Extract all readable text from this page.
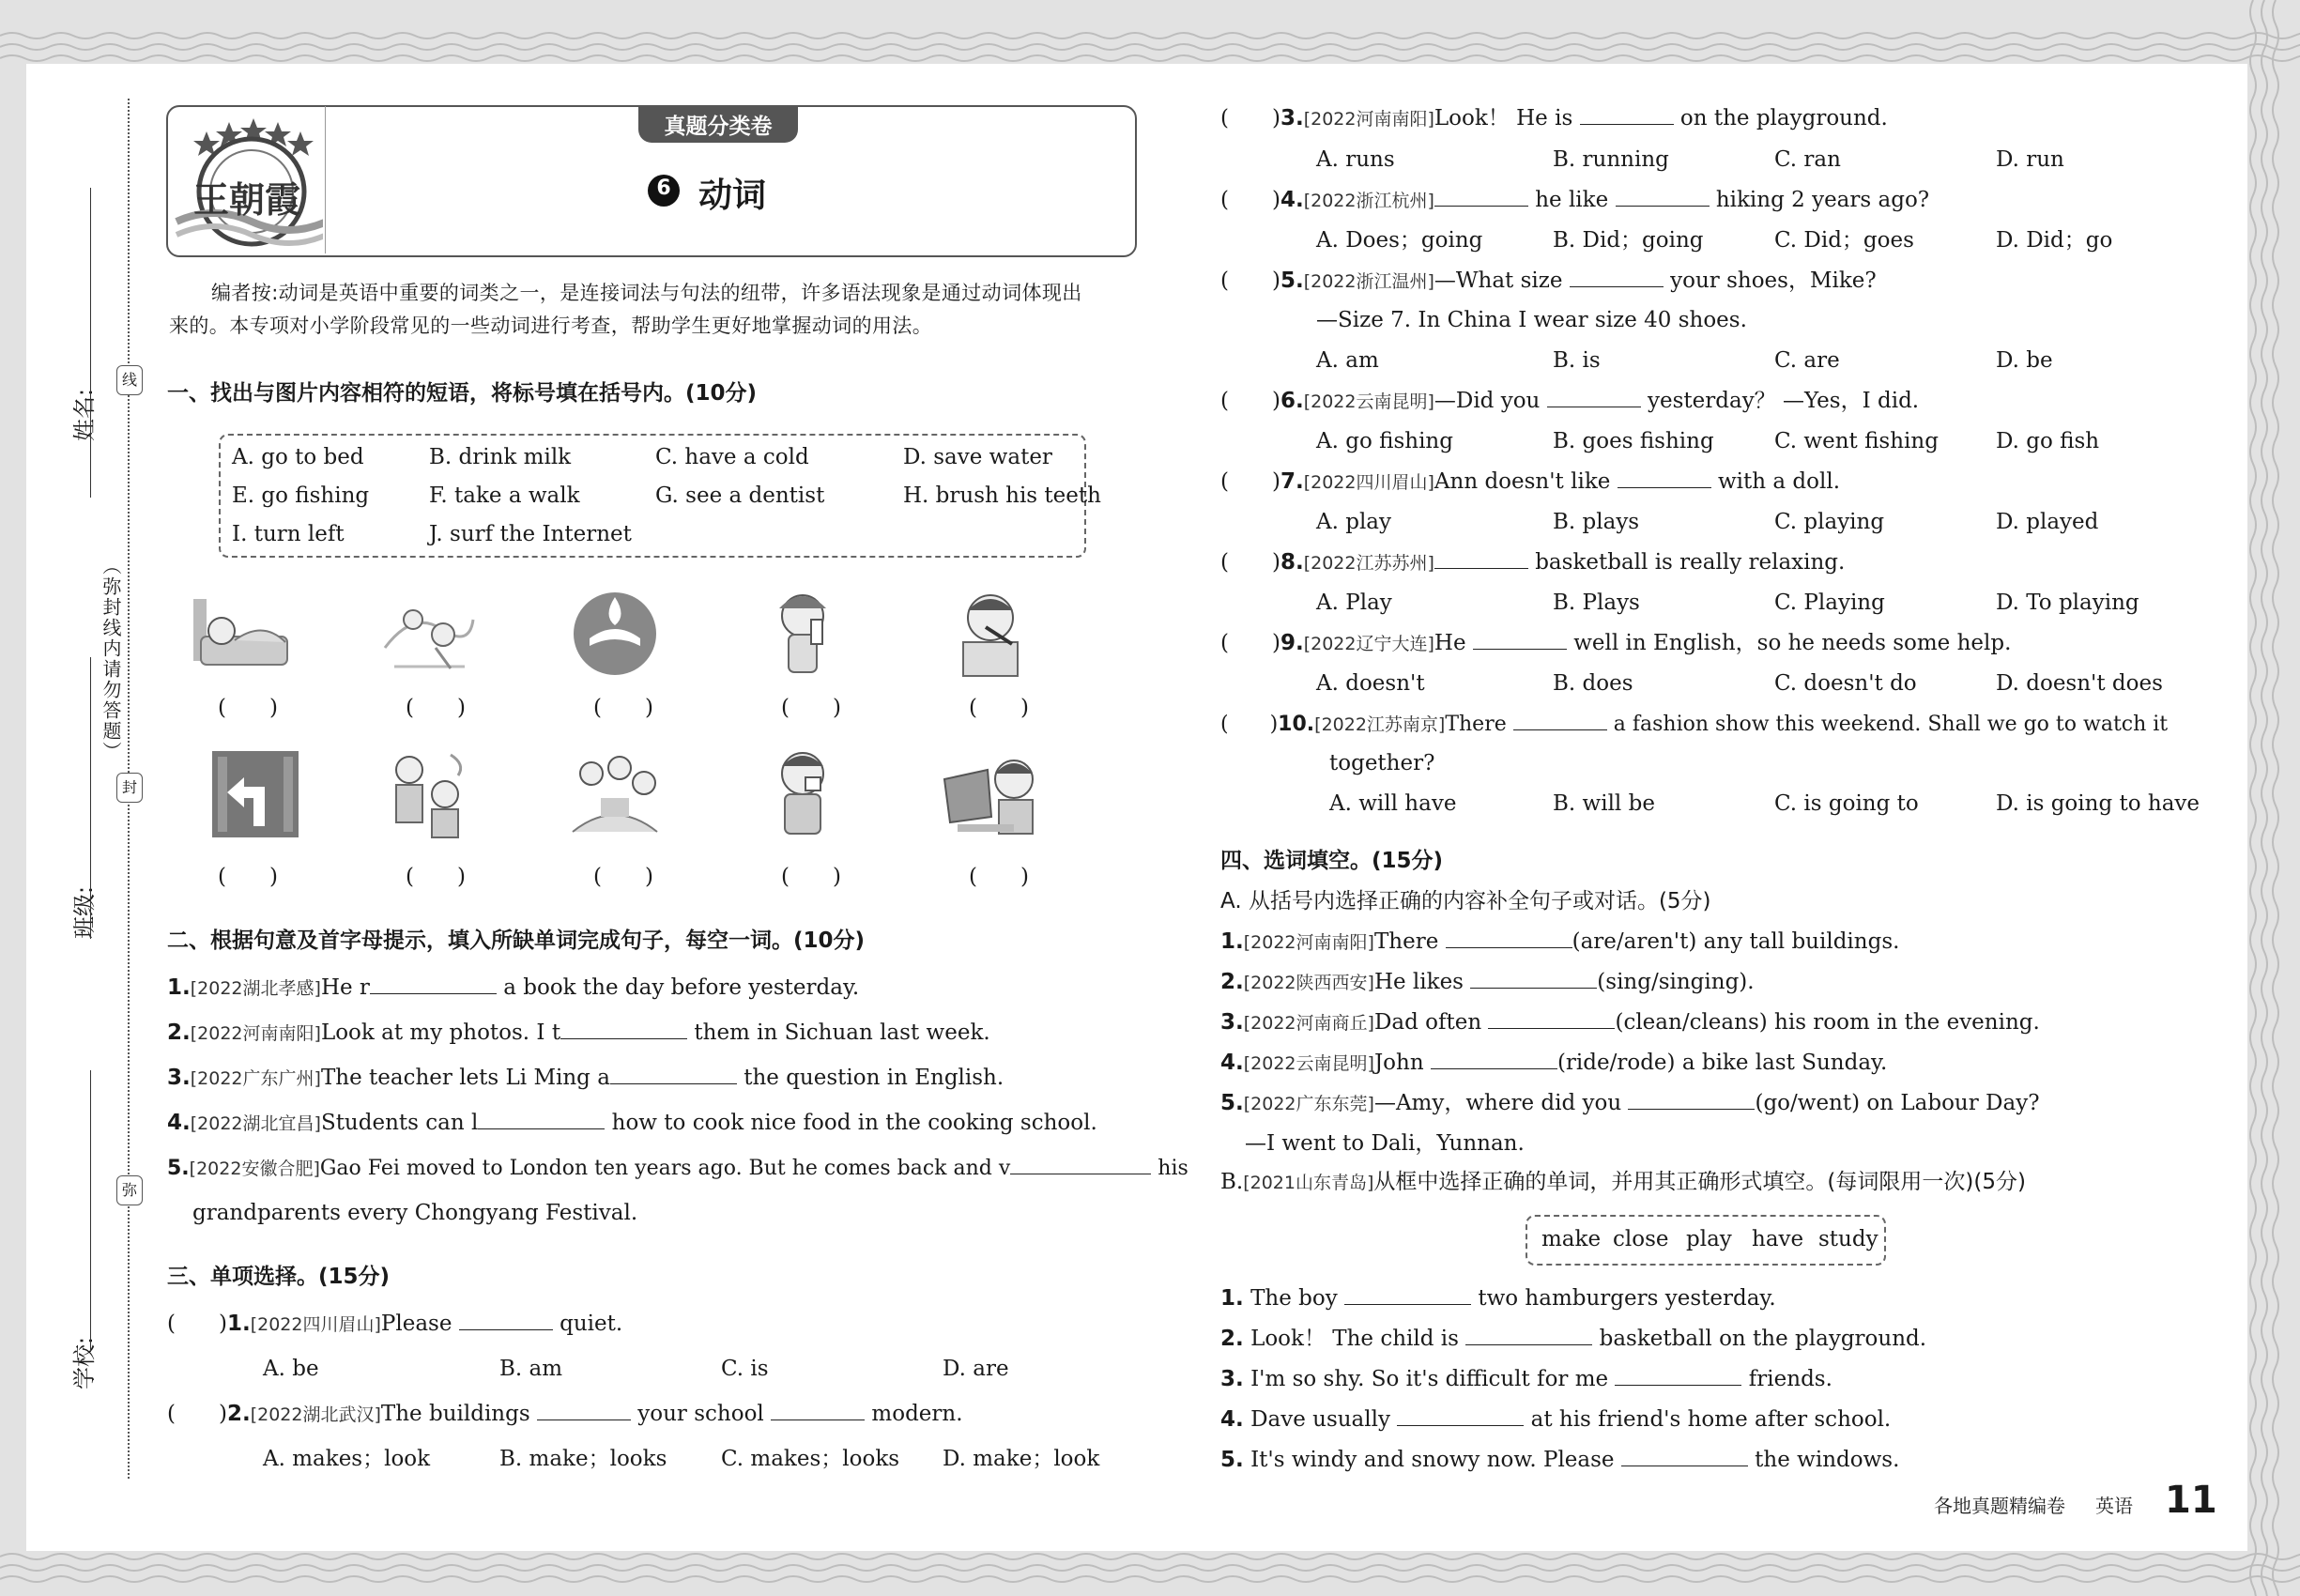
姓名:
班级:
学校:
（弥封线内请勿答题）
线
封
弥
王朝霞
真题分类卷
6 动词
编者按:动词是英语中重要的词类之一，是连接词法与句法的纽带，许多语法现象是通过动词体现出
来的。本专项对小学阶段常见的一些动词进行考查，帮助学生更好地掌握动词的用法。
一、找出与图片内容相符的短语，将标号填在括号内。(10分)
A. go to bed	B. drink milk	C. have a cold	D. save water
E. go fishing	F. take a walk	G. see a dentist	H. brush his teeth
I. turn left	J. surf the Internet
(　　)	(　　)	(　　)	(　　)	(　　)
(　　)	(　　)	(　　)	(　　)	(　　)
二、根据句意及首字母提示，填入所缺单词完成句子，每空一词。(10分)
1.[2022湖北孝感]He r	a book the day before yesterday.
2.[2022河南南阳]Look at my photos. I t	them in Sichuan last week.
3.[2022广东广州]The teacher lets Li Ming a	the question in English.
4.[2022湖北宜昌]Students can l	how to cook nice food in the cooking school.
5.[2022安徽合肥]Gao Fei moved to London ten years ago. But he comes back and v	his
grandparents every Chongyang Festival.
三、单项选择。(15分)
(　　)1.[2022四川眉山]Please	quiet.
A. be	B. am	C. is	D. are
(　　)2.[2022湖北武汉]The buildings	your school	modern.
A. makes；look	B. make；looks	C. makes；looks D. make；look
(　　)3.[2022河南南阳]Look！ He is	on the playground.
A. runs	B. running	C. ran	D. run
(　　)4.[2022浙江杭州]	he like	hiking 2 years ago?
A. Does；going	B. Did；going	C. Did；goes	D. Did；go
(　　)5.[2022浙江温州]—What size	your shoes，Mike?
—Size 7. In China I wear size 40 shoes.
A. am	B. is	C. are	D. be
(　　)6.[2022云南昆明]—Did you	yesterday？ —Yes，I did.
A. go fishing	B. goes fishing	C. went fishing	D. go fish
(　　)7.[2022四川眉山]Ann doesn't like	with a doll.
A. play	B. plays	C. playing	D. played
(　　)8.[2022江苏苏州]	basketball is really relaxing.
A. Play	B. Plays	C. Playing	D. To playing
(　　)9.[2022辽宁大连]He	well in English，so he needs some help.
A. doesn't	B. does	C. doesn't do	D. doesn't does
(　　)10.[2022江苏南京]There	a fashion show this weekend. Shall we go to watch it
together?
A. will have	B. will be	C. is going to	D. is going to have
四、选词填空。(15分)
A. 从括号内选择正确的内容补全句子或对话。(5分)
1.[2022河南南阳]There	(are/aren't) any tall buildings.
2.[2022陕西西安]He likes	(sing/singing).
3.[2022河南商丘]Dad often	(clean/cleans) his room in the evening.
4.[2022云南昆明]John	(ride/rode) a bike last Sunday.
5.[2022广东东莞]—Amy，where did you	(go/went) on Labour Day?
—I went to Dali，Yunnan.
B.[2021山东青岛]从框中选择正确的单词，并用其正确形式填空。(每词限用一次)(5分)
make close play have study
1. The boy	two hamburgers yesterday.
2. Look！ The child is	basketball on the playground.
3. I'm so shy. So it's difficult for me	friends.
4. Dave usually	at his friend's home after school.
5. It's windy and snowy now. Please	the windows.
各地真题精编卷 英语 11
